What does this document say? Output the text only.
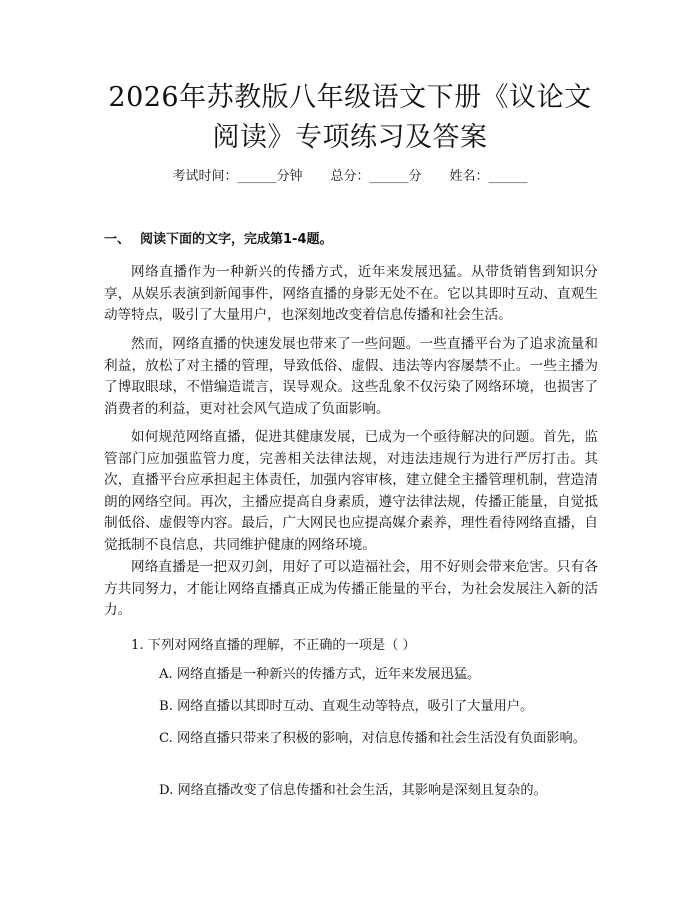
2026年苏教版八年级语文下册《议论文阅读》专项练习及答案
考试时间：______分钟 总分：______分 姓名：______
一、 阅读下面的文字，完成第1-4题。

网络直播作为一种新兴的传播方式，近年来发展迅猛。从带货销售到知识分享，从娱乐表演到新闻事件，网络直播的身影无处不在。它以其即时互动、直观生动等特点，吸引了大量用户，也深刻地改变着信息传播和社会生活。

然而，网络直播的快速发展也带来了一些问题。一些直播平台为了追求流量和利益，放松了对主播的管理，导致低俗、虚假、违法等内容屡禁不止。一些主播为了博取眼球，不惜编造谎言，误导观众。这些乱象不仅污染了网络环境，也损害了消费者的利益，更对社会风气造成了负面影响。

如何规范网络直播，促进其健康发展，已成为一个亟待解决的问题。首先，监管部门应加强监管力度，完善相关法律法规，对违法违规行为进行严厉打击。其次，直播平台应承担起主体责任，加强内容审核，建立健全主播管理机制，营造清朗的网络空间。再次，主播应提高自身素质，遵守法律法规，传播正能量，自觉抵制低俗、虚假等内容。最后，广大网民也应提高媒介素养，理性看待网络直播，自觉抵制不良信息，共同维护健康的网络环境。

网络直播是一把双刃剑，用好了可以造福社会，用不好则会带来危害。只有各方共同努力，才能让网络直播真正成为传播正能量的平台，为社会发展注入新的活力。

1. 下列对网络直播的理解，不正确的一项是（ ）

A. 网络直播是一种新兴的传播方式，近年来发展迅猛。

B. 网络直播以其即时互动、直观生动等特点，吸引了大量用户。

C. 网络直播只带来了积极的影响，对信息传播和社会生活没有负面影响。

D. 网络直播改变了信息传播和社会生活，其影响是深刻且复杂的。
